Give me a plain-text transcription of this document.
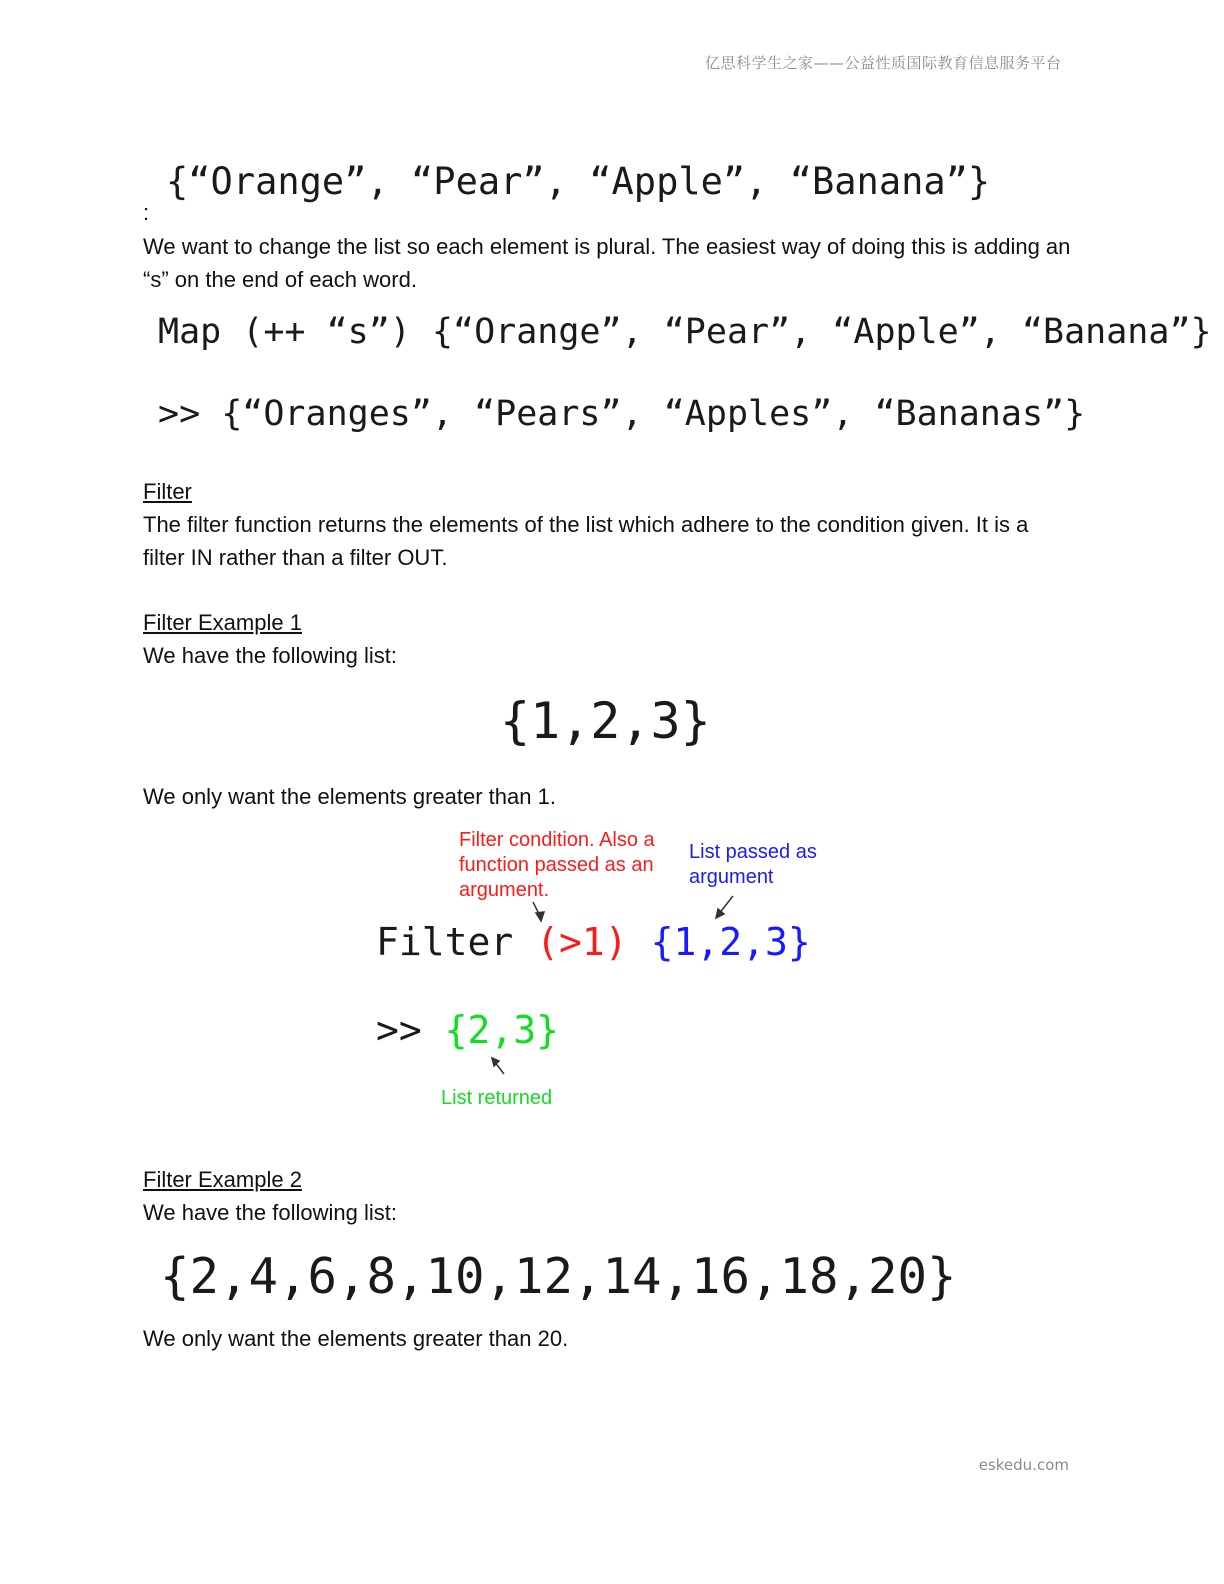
亿思科学生之家——公益性质国际教育信息服务平台
{“Orange”, “Pear”, “Apple”, “Banana”}
:
We want to change the list so each element is plural. The easiest way of doing this is adding an “s” on the end of each word.
Map (++ “s”) {“Orange”, “Pear”, “Apple”, “Banana”}
>> {“Oranges”, “Pears”, “Apples”, “Bananas”}
Filter
The filter function returns the elements of the list which adhere to the condition given. It is a filter IN rather than a filter OUT.
Filter Example 1
We have the following list:
{1,2,3}
We only want the elements greater than 1.
Filter condition. Also a function passed as an argument.
List passed as argument
Filter (>1) {1,2,3}
>> {2,3}
List returned
Filter Example 2
We have the following list:
{2,4,6,8,10,12,14,16,18,20}
We only want the elements greater than 20.
eskedu.com
